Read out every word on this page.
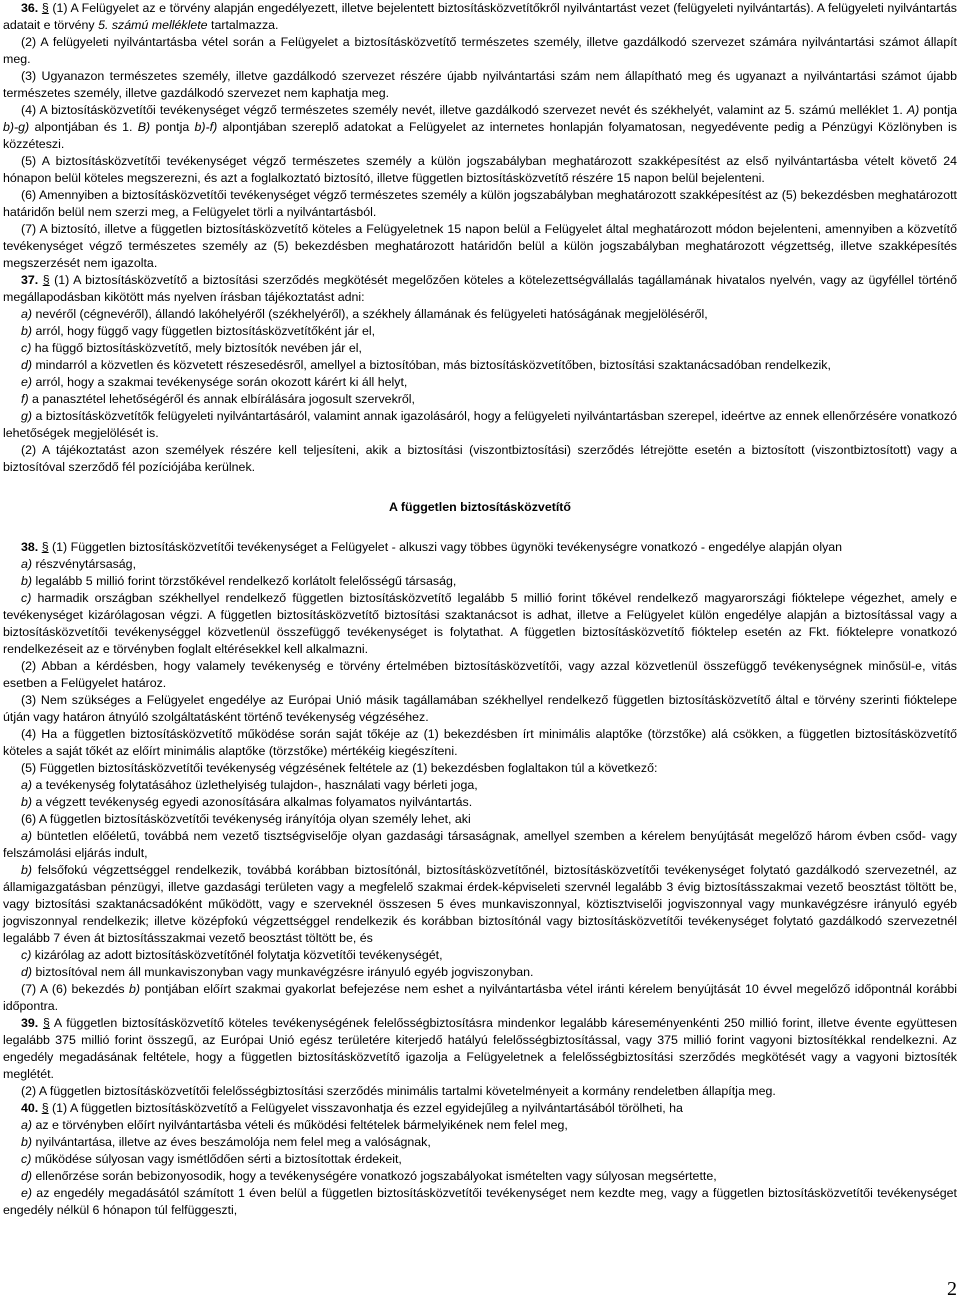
36. § (1) A Felügyelet az e törvény alapján engedélyezett, illetve bejelentett biztosításközvetítőkről nyilvántartást vezet (felügyeleti nyilvántartás). A felügyeleti nyilvántartás adatait e törvény 5. számú melléklete tartalmazza.

(2) A felügyeleti nyilvántartásba vétel során a Felügyelet a biztosításközvetítő természetes személy, illetve gazdálkodó szervezet számára nyilvántartási számot állapít meg.

(3) Ugyanazon természetes személy, illetve gazdálkodó szervezet részére újabb nyilvántartási szám nem állapítható meg és ugyanazt a nyilvántartási számot újabb természetes személy, illetve gazdálkodó szervezet nem kaphatja meg.

(4) A biztosításközvetítői tevékenységet végző természetes személy nevét, illetve gazdálkodó szervezet nevét és székhelyét, valamint az 5. számú melléklet 1. A) pontja b)-g) alpontjában és 1. B) pontja b)-f) alpontjában szereplő adatokat a Felügyelet az internetes honlapján folyamatosan, negyedévente pedig a Pénzügyi Közlönyben is közzéteszi.

(5) A biztosításközvetítői tevékenységet végző természetes személy a külön jogszabályban meghatározott szakképesítést az első nyilvántartásba vételt követő 24 hónapon belül köteles megszerezni, és azt a foglalkoztató biztosító, illetve független biztosításközvetítő részére 15 napon belül bejelenteni.

(6) Amennyiben a biztosításközvetítői tevékenységet végző természetes személy a külön jogszabályban meghatározott szakképesítést az (5) bekezdésben meghatározott határidőn belül nem szerzi meg, a Felügyelet törli a nyilvántartásból.

(7) A biztosító, illetve a független biztosításközvetítő köteles a Felügyeletnek 15 napon belül a Felügyelet által meghatározott módon bejelenteni, amennyiben a közvetítő tevékenységet végző természetes személy az (5) bekezdésben meghatározott határidőn belül a külön jogszabályban meghatározott végzettség, illetve szakképesítés megszerzését nem igazolta.

37. § (1) A biztosításközvetítő a biztosítási szerződés megkötését megelőzően köteles a kötelezettségvállalás tagállamának hivatalos nyelvén, vagy az ügyféllel történő megállapodásban kikötött más nyelven írásban tájékoztatást adni:

a) nevéről (cégnevéről), állandó lakóhelyéről (székhelyéről), a székhely államának és felügyeleti hatóságának megjelöléséről,

b) arról, hogy függő vagy független biztosításközvetítőként jár el,

c) ha függő biztosításközvetítő, mely biztosítók nevében jár el,

d) mindarról a közvetlen és közvetett részesedésről, amellyel a biztosítóban, más biztosításközvetítőben, biztosítási szaktanácsadóban rendelkezik,

e) arról, hogy a szakmai tevékenysége során okozott kárért ki áll helyt,

f) a panasztétel lehetőségéről és annak elbírálására jogosult szervekről,

g) a biztosításközvetítők felügyeleti nyilvántartásáról, valamint annak igazolásáról, hogy a felügyeleti nyilvántartásban szerepel, ideértve az ennek ellenőrzésére vonatkozó lehetőségek megjelölését is.

(2) A tájékoztatást azon személyek részére kell teljesíteni, akik a biztosítási (viszontbiztosítási) szerződés létrejötte esetén a biztosított (viszontbiztosított) vagy a biztosítóval szerződő fél pozíciójába kerülnek.

A független biztosításközvetítő

38. § (1) Független biztosításközvetítői tevékenységet a Felügyelet - alkuszi vagy többes ügynöki tevékenységre vonatkozó - engedélye alapján olyan

a) részvénytársaság,

b) legalább 5 millió forint törzstőkével rendelkező korlátolt felelősségű társaság,

c) harmadik országban székhellyel rendelkező független biztosításközvetítő legalább 5 millió forint tőkével rendelkező magyarországi fióktelepe végezhet, amely e tevékenységet kizárólagosan végzi. A független biztosításközvetítő biztosítási szaktanácsot is adhat, illetve a Felügyelet külön engedélye alapján a biztosítással vagy a biztosításközvetítői tevékenységgel közvetlenül összefüggő tevékenységet is folytathat. A független biztosításközvetítő fióktelep esetén az Fkt. fióktelepre vonatkozó rendelkezéseit az e törvényben foglalt eltérésekkel kell alkalmazni.

(2) Abban a kérdésben, hogy valamely tevékenység e törvény értelmében biztosításközvetítői, vagy azzal közvetlenül összefüggő tevékenységnek minősül-e, vitás esetben a Felügyelet határoz.

(3) Nem szükséges a Felügyelet engedélye az Európai Unió másik tagállamában székhellyel rendelkező független biztosításközvetítő által e törvény szerinti fióktelepe útján vagy határon átnyúló szolgáltatásként történő tevékenység végzéséhez.

(4) Ha a független biztosításközvetítő működése során saját tőkéje az (1) bekezdésben írt minimális alaptőke (törzstőke) alá csökken, a független biztosításközvetítő köteles a saját tőkét az előírt minimális alaptőke (törzstőke) mértékéig kiegészíteni.

(5) Független biztosításközvetítői tevékenység végzésének feltétele az (1) bekezdésben foglaltakon túl a következő:

a) a tevékenység folytatásához üzlethelyiség tulajdon-, használati vagy bérleti joga,

b) a végzett tevékenység egyedi azonosítására alkalmas folyamatos nyilvántartás.

(6) A független biztosításközvetítői tevékenység irányítója olyan személy lehet, aki

a) büntetlen előéletű, továbbá nem vezető tisztségviselője olyan gazdasági társaságnak, amellyel szemben a kérelem benyújtását megelőző három évben csőd- vagy felszámolási eljárás indult,

b) felsőfokú végzettséggel rendelkezik, továbbá korábban biztosítónál, biztosításközvetítőnél, biztosításközvetítői tevékenységet folytató gazdálkodó szervezetnél, az államigazgatásban pénzügyi, illetve gazdasági területen vagy a megfelelő szakmai érdek-képviseleti szervnél legalább 3 évig biztosításszakmai vezető beosztást töltött be, vagy biztosítási szaktanácsadóként működött, vagy e szerveknél összesen 5 éves munkaviszonnyal, köztisztviselői jogviszonnyal vagy munkavégzésre irányuló egyéb jogviszonnyal rendelkezik; illetve középfokú végzettséggel rendelkezik és korábban biztosítónál vagy biztosításközvetítői tevékenységet folytató gazdálkodó szervezetnél legalább 7 éven át biztosításszakmai vezető beosztást töltött be, és

c) kizárólag az adott biztosításközvetítőnél folytatja közvetítői tevékenységét,

d) biztosítóval nem áll munkaviszonyban vagy munkavégzésre irányuló egyéb jogviszonyban.

(7) A (6) bekezdés b) pontjában előírt szakmai gyakorlat befejezése nem eshet a nyilvántartásba vétel iránti kérelem benyújtását 10 évvel megelőző időpontnál korábbi időpontra.

39. § A független biztosításközvetítő köteles tevékenységének felelősségbiztosításra mindenkor legalább káreseményenkénti 250 millió forint, illetve évente együttesen legalább 375 millió forint összegű, az Európai Unió egész területére kiterjedő hatályú felelősségbiztosítással, vagy 375 millió forint vagyoni biztosítékkal rendelkezni. Az engedély megadásának feltétele, hogy a független biztosításközvetítő igazolja a Felügyeletnek a felelősségbiztosítási szerződés megkötését vagy a vagyoni biztosíték meglétét.

(2) A független biztosításközvetítői felelősségbiztosítási szerződés minimális tartalmi követelményeit a kormány rendeletben állapítja meg.

40. § (1) A független biztosításközvetítő a Felügyelet visszavonhatja és ezzel egyidejűleg a nyilvántartásából törölheti, ha

a) az e törvényben előírt nyilvántartásba vételi és működési feltételek bármelyikének nem felel meg,

b) nyilvántartása, illetve az éves beszámolója nem felel meg a valóságnak,

c) működése súlyosan vagy ismétlődően sérti a biztosítottak érdekeit,

d) ellenőrzése során bebizonyosodik, hogy a tevékenységére vonatkozó jogszabályokat ismételten vagy súlyosan megsértette,

e) az engedély megadásától számított 1 éven belül a független biztosításközvetítői tevékenységet nem kezdte meg, vagy a független biztosításközvetítői tevékenységet engedély nélkül 6 hónapon túl felfüggeszti,

2
